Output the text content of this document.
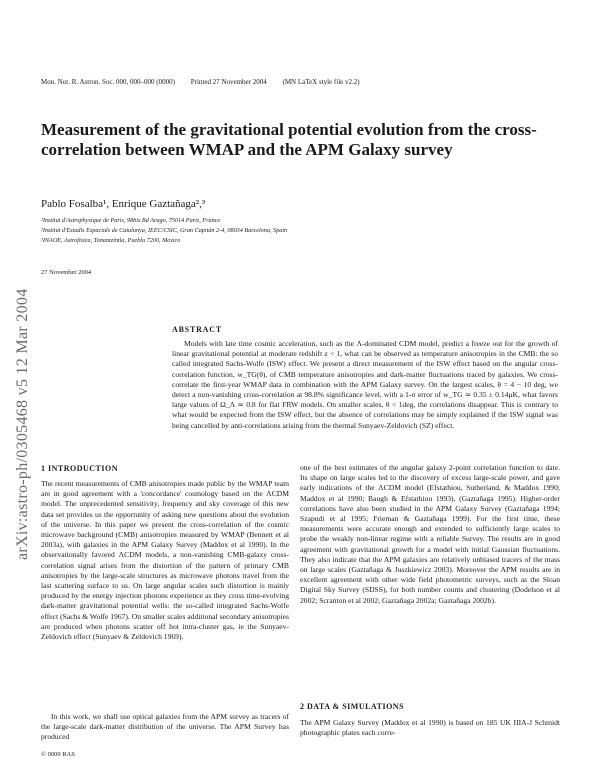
Mon. Not. R. Astron. Soc. 000, 000–000 (0000) Printed 27 November 2004 (MN LaTeX style file v2.2)
arXiv:astro-ph/0305468 v5 12 Mar 2004
Measurement of the gravitational potential evolution from the cross-correlation between WMAP and the APM Galaxy survey
Pablo Fosalba¹, Enrique Gaztañaga²,³
¹Institut d'Astrophysique de Paris, 98bis Bd Arago, 75014 Paris, France
²Institut d'Estudis Espacials de Catalunya, IEEC/CSIC, Gran Capitán 2-4, 08034 Barcelona, Spain
³INAOE, Astrofisica, Tonantzintla, Puebla 7200, Mexico
27 November 2004
ABSTRACT

Models with late time cosmic acceleration, such as the Λ-dominated CDM model, predict a freeze out for the growth of linear gravitational potential at moderate redshift z < 1, what can be observed as temperature anisotropies in the CMB: the so called integrated Sachs-Wolfe (ISW) effect. We present a direct measurement of the ISW effect based on the angular cross-correlation function, w_TG(θ), of CMB temperature anisotropies and dark-matter fluctuations traced by galaxies. We cross-correlate the first-year WMAP data in combination with the APM Galaxy survey. On the largest scales, θ = 4 − 10 deg, we detect a non-vanishing cross-correlation at 98.8% significance level, with a 1-σ error of w_TG ≃ 0.35 ± 0.14μK, what favors large values of Ω_Λ ≃ 0.8 for flat FRW models. On smaller scales, θ < 1deg, the correlations disappear. This is contrary to what would be expected from the ISW effect, but the absence of correlations may be simply explained if the ISW signal was being cancelled by anti-correlations arising from the thermal Sunyaev-Zeldovich (SZ) effect.

1 INTRODUCTION

The recent measurements of CMB anisotropies made public by the WMAP team are in good agreement with a 'concordance' cosmology based on the ΛCDM model. The unprecedented sensitivity, frequency and sky coverage of this new data set provides us the opportunity of asking new questions about the evolution of the universe. In this paper we present the cross-correlation of the cosmic microwave background (CMB) anisotropies measured by WMAP (Bennett et al 2003a), with galaxies in the APM Galaxy Survey (Maddox et al 1990). In the observationally favored ΛCDM models, a non-vanishing CMB-galaxy cross-correlation signal arises from the distortion of the pattern of primary CMB anisotropies by the large-scale structures as microwave photons travel from the last scattering surface to us. On large angular scales such distortion is mainly produced by the energy injection photons experience as they cross time-evolving dark-matter gravitational potential wells: the so-called integrated Sachs-Wolfe effect (Sachs & Wolfe 1967). On smaller scales additional secondary anisotropies are produced when photons scatter off hot intra-cluster gas, ie the Sunyaev-Zeldovich effect (Sunyaev & Zeldovich 1969).

In this work, we shall use optical galaxies from the APM survey as tracers of the large-scale dark-matter distribution of the universe. The APM Survey has produced

one of the best estimates of the angular galaxy 2-point correlation function to date. Its shape on large scales led to the discovery of excess large-scale power, and gave early indications of the ΛCDM model (Efstathiou, Sutherland, & Maddox 1990; Maddox et al 1990; Baugh & Efstathiou 1993), (Gaztañaga 1995). Higher-order correlations have also been studied in the APM Galaxy Survey (Gaztañaga 1994; Szapudi et al 1995; Frieman & Gaztañaga 1999). For the first time, these measurements were accurate enough and extended to sufficiently large scales to probe the weakly non-linear regime with a reliable Survey. The results are in good agreement with gravitational growth for a model with initial Gaussian fluctuations. They also indicate that the APM galaxies are relatively unbiased tracers of the mass on large scales (Gaztañaga & Juszkiewicz 2003). Moreover the APM results are in excellent agreement with other wide field photometric surveys, such as the Sloan Digital Sky Survey (SDSS), for both number counts and clustering (Dodelson et al 2002; Scranton et al 2002; Gaztañaga 2002a; Gaztañaga 2002b).

2 DATA & SIMULATIONS

The APM Galaxy Survey (Maddox et al 1990) is based on 185 UK IIIA-J Schmidt photographic plates each corre-

© 0000 RAS
